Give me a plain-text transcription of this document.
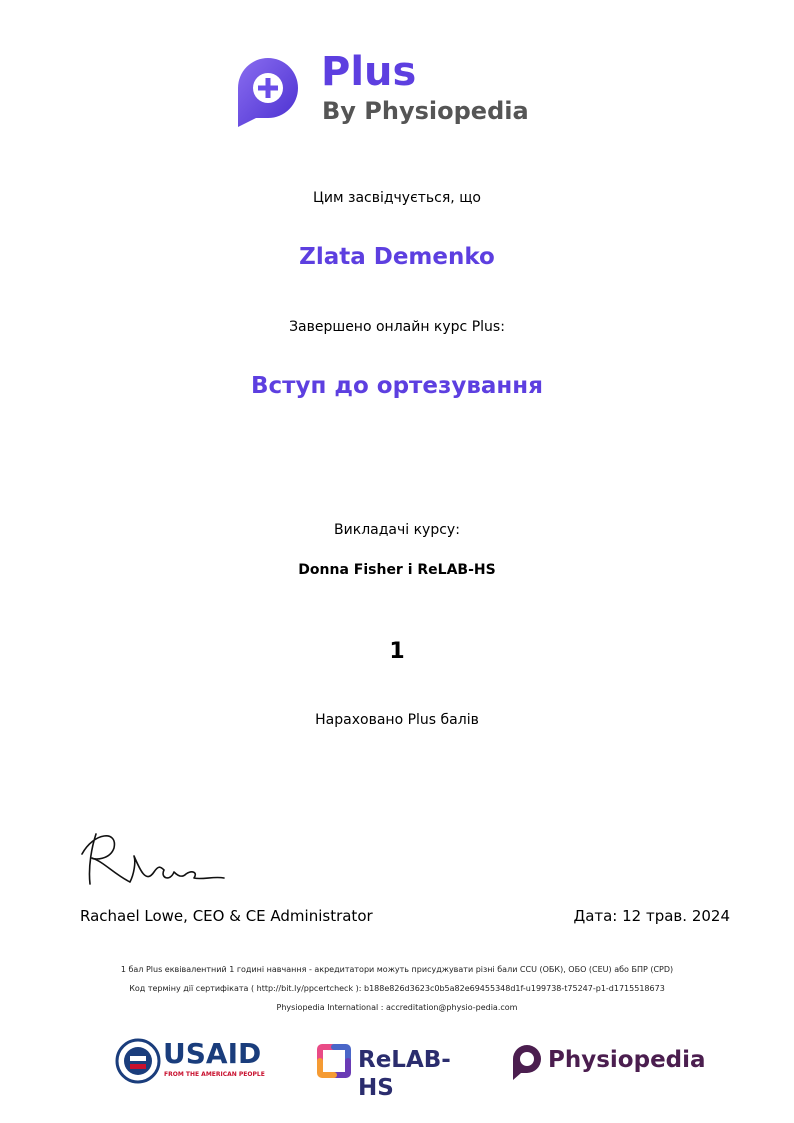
Plus
By Physiopedia
Цим засвідчується, що
Zlata Demenko
Завершено онлайн курс Plus:
Вступ до ортезування
Викладачі курсу:
Donna Fisher і ReLAB-HS
1
Нараховано Plus балів
Rachael Lowe, CEO & CE Administrator	Дата: 12 трав. 2024
1 бал Plus еквівалентний 1 годині навчання - акредитатори можуть присуджувати різні бали CCU (ОБК), ОБО (CEU) або БПР (CPD)
Код терміну дії сертифіката ( http://bit.ly/ppcertcheck ): b188e826d3623c0b5a82e69455348d1f-u199738-t75247-p1-d1715518673
Physiopedia International : accreditation@physio-pedia.com
USAID
FROM THE AMERICAN PEOPLE
ReLAB-HS
Physiopedia
